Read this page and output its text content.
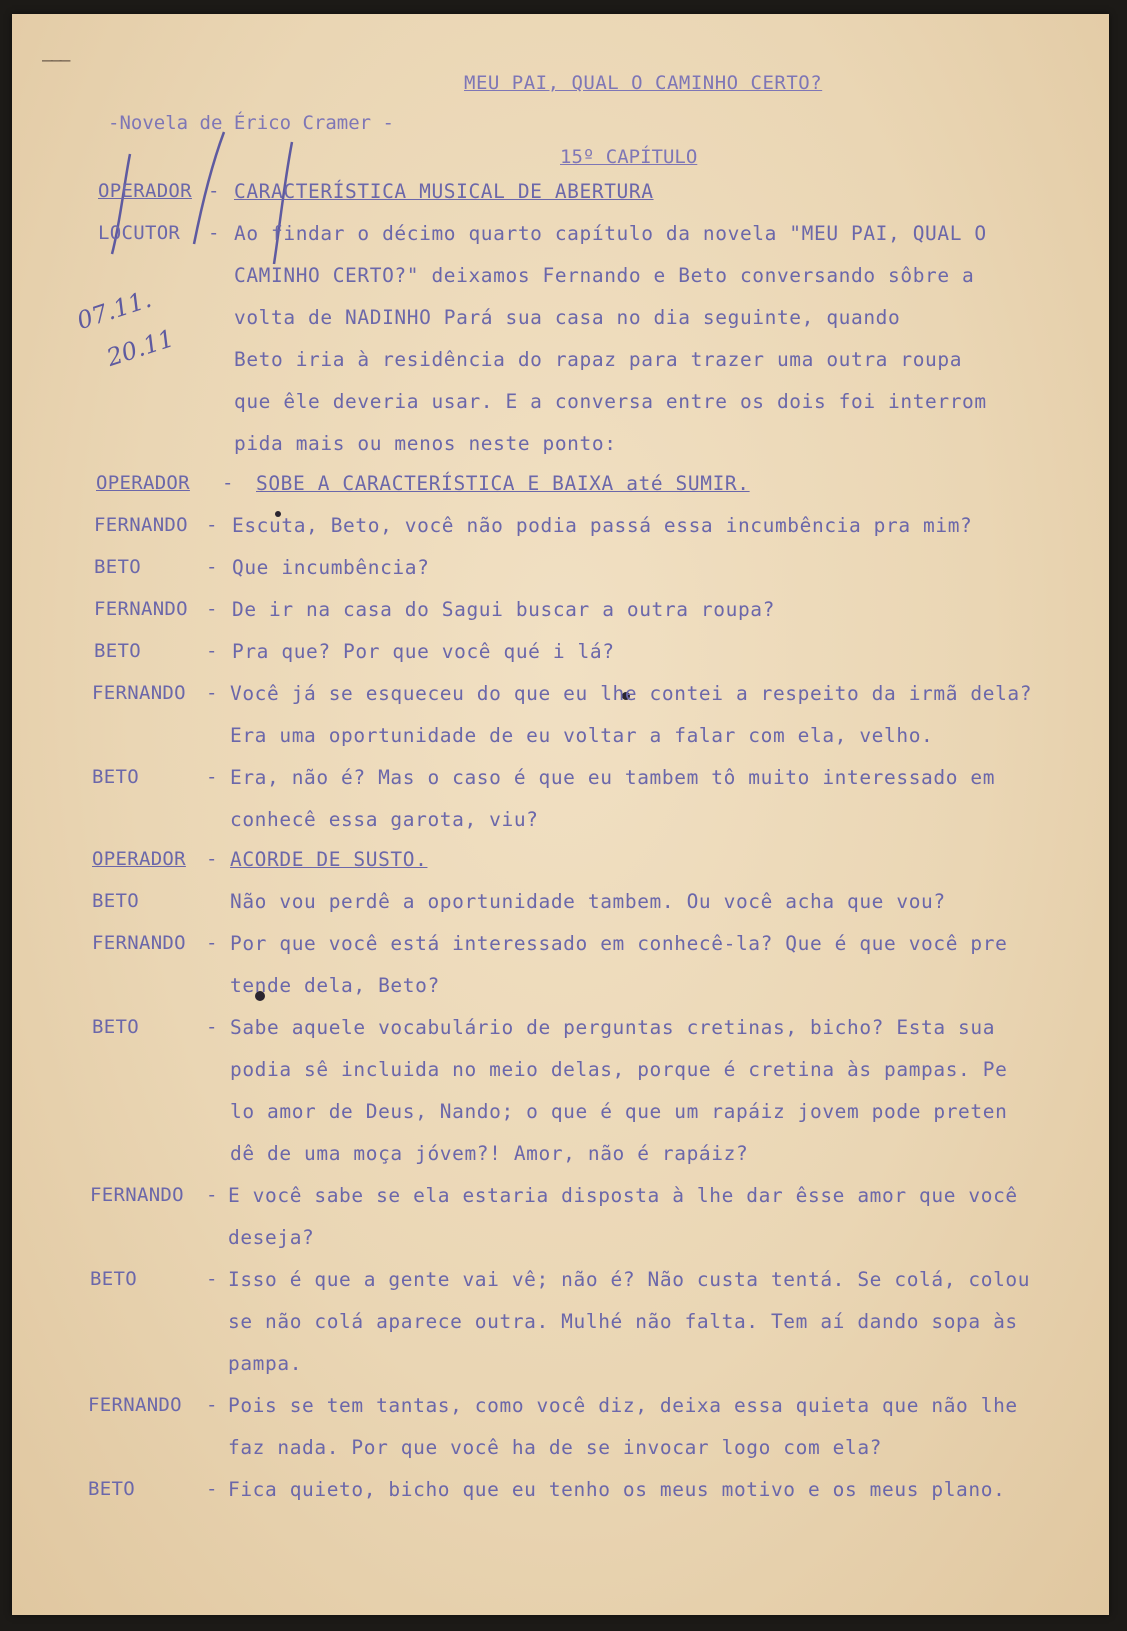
———
MEU PAI, QUAL O CAMINHO CERTO?
-Novela de Érico Cramer -
15º CAPÍTULO
07.11.
20.11
OPERADOR - CARACTERÍSTICA MUSICAL DE ABERTURA
LOCUTOR - Ao findar o décimo quarto capítulo da novela "MEU PAI, QUAL O
CAMINHO CERTO?" deixamos Fernando e Beto conversando sôbre a
volta de NADINHO Pará sua casa no dia seguinte, quando
Beto iria à residência do rapaz para trazer uma outra roupa
que êle deveria usar. E a conversa entre os dois foi interrom
pida mais ou menos neste ponto:
OPERADOR - SOBE A CARACTERÍSTICA E BAIXA até SUMIR.
FERNANDO - Escuta, Beto, você não podia passá essa incumbência pra mim?
BETO	- Que incumbência?
FERNANDO - De ir na casa do Sagui buscar a outra roupa?
BETO	- Pra que? Por que você qué i lá?
FERNANDO - Você já se esqueceu do que eu lhe contei a respeito da irmã dela?
Era uma oportunidade de eu voltar a falar com ela, velho.
BETO	- Era, não é? Mas o caso é que eu tambem tô muito interessado em
conhecê essa garota, viu?
OPERADOR - ACORDE DE SUSTO.
BETO	Não vou perdê a oportunidade tambem. Ou você acha que vou?
FERNANDO - Por que você está interessado em conhecê-la? Que é que você pre
tende dela, Beto?
BETO	- Sabe aquele vocabulário de perguntas cretinas, bicho? Esta sua
podia sê incluida no meio delas, porque é cretina às pampas. Pe
lo amor de Deus, Nando; o que é que um rapáiz jovem pode preten
dê de uma moça jóvem?! Amor, não é rapáiz?
FERNANDO - E você sabe se ela estaria disposta à lhe dar êsse amor que você
deseja?
BETO	- Isso é que a gente vai vê; não é? Não custa tentá. Se colá, colou
se não colá aparece outra. Mulhé não falta. Tem aí dando sopa às
pampa.
FERNANDO - Pois se tem tantas, como você diz, deixa essa quieta que não lhe
faz nada. Por que você ha de se invocar logo com ela?
BETO	- Fica quieto, bicho que eu tenho os meus motivo e os meus plano.
